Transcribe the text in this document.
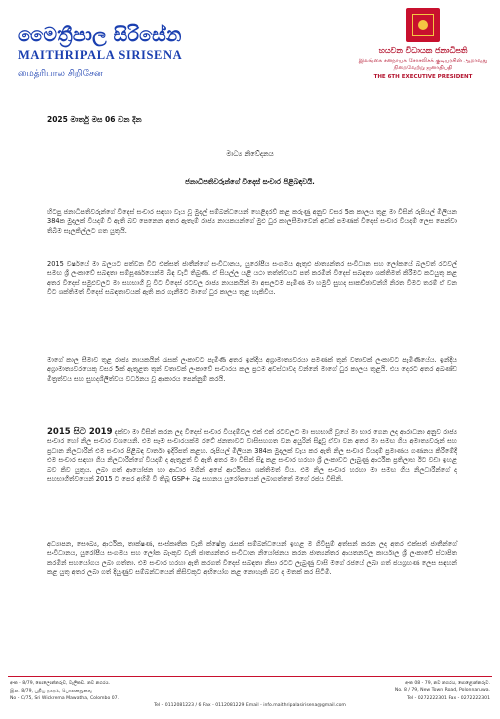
මෛත්‍රීපාල සිරිසේන
MAITHRIPALA SIRISENA
மைத்ரிபால சிறிசேன
හයවන විධායක ජනාධිපති
இலங்கை சனநாயக சோசலிசக் குடியரசின் ஆறாவது நிறைவேற்று ஜனாதிபதி
THE 6TH EXECUTIVE PRESIDENT
2025 මාර්තු මස 06 වන දින
මාධ්‍ය නිවේදනය
ජනාධිපතිවරුන්ගේ විදෙස් සංචාර පිළිබඳවයි.
හිටපු ජනාධිපතිවරුන්ගේ විදෙස් සංචාර සඳහා වැය වූ මුදල් සම්බන්ධයෙන් හෙළිදරව් කළ කරුණු අනුව වසර 5ක කාලය තුළ මා විසින් රුපියල් මිලියන 384ක මුදලක් වියදම් වී ඇති බව පෙනෙන අතර ඇතැම් රාජ්‍ය නායකයන්ගේ මුළු ධුර කාලසීමාවෙන් අඩක් පමණක් විදෙස් සංචාර වියදම් ලෙස පෙන්වා තිබීම සැලකිල්ලට ගත යුතුයි.
2015 වර්ෂයේ මා බලයට පත්වන විට එක්සත් ජාතීන්ගේ සංවිධානය, යුරෝපීය සංගමය ඇතුළු ජාත්‍යන්තර සංවිධාන සහ ලෝකයේ බලවත් රටවල් සමඟ ශ්‍රී ලංකාවේ සබඳතා සම්පූර්ණයෙන්ම බිඳ වැටී තිබුණි. ඒ සියල්ල යළි යථා තත්ත්වයට පත් කරමින් විදෙස් සබඳතා ශක්තිමත් කිරීමට කටයුතු කළ අතර විදෙස් සමුළුවලට මා සහභාගී වූ විට විදෙස් රටවල රාජ්‍ය නායකයින් මා අසලටම පැමිණ මා හමුවී සුහද සාකච්ඡාවන්හි නිරත වීමට තරම් ඒ වන විට ශක්තිමත් විදෙස් සබඳතාවයක් ඇති කර ගැනීමට මාගේ ධුර කාලය තුළ හැකිවිය.
මාගේ කාල සීමාව තුළ රාජ්‍ය නායකයින් රැසක් ලංකාවට පැමිණි අතර ඉන්දීය අග්‍රාමාත්‍යවරයා පමණක් තුන් වතාවක් ලංකාවට පැමිණියේය. ඉන්දීය අග්‍රාමාත්‍යවරයෙකු වසර 5ක් ඇතුළත තුන් වතාවක් ලංකාවේ සංචාරය කල ප්‍රථම අවස්ථාවද වන්නේ මාගේ ධුර කාලය තුළයි. එය දෙරට අතර අඛණ්ඩ මිත්‍රත්වය සහ සුහදශීලීත්වය වර්ධනය වූ ආකාරය පෙන්නුම් කරයි.
2015 සිට 2019 දක්වා මා විසින් කරන ලද විදෙස් සංචාර වියදම්වල එක් එක් රටවලට මා සහභාගී වූයේ මා භාර ගෙන ලද ආරාධනා අනුව රාජ්‍ය සංචාර හෝ නිල සංචාර වශයෙනි. එම සෑම සංචාරයක්ම රටේ ජනතාවට වාසිසහගත වන අයුරින් සිදුවූ ඒවා වන අතර මා සමඟ ගිය අමාත්‍යවරුන් සහ ප්‍රධාන නිලධාරීන් එම සංචාර පිළිබඳ වාර්තා ඉදිරිපත් කළහ. රුපියල් මිලියන 384ක මුදලක් වැය කර ඇති නිල සංචාර වියදම් ප්‍රමාණය ගණනය කිරීමේදී එම සංචාර සඳහා ගිය නිලධාරීන්ගේ වියදම් ද ඇතුළත් වී ඇති අතර මා විසින් සිදු කළ සංචාර හරහා ශ්‍රී ලංකාවට ලැබුණු ආර්ථික ප්‍රතිලාභ ඊට වඩා ඉහළ බව කිව යුතුය. ලබා ගත් ආයෝජන හා ආධාර මගින් අපේ ආර්ථිකය ශක්තිමත් විය. එම නිල සංචාර හරහා මා සමඟ ගිය නිලධාරීන්ගේ ද සහභාගීත්වයෙන් 2015 ට පෙර අහිමි වී තිබූ GSP+ බදු සහනය යුරෝපයෙන් ලබාගත්තේ මගේ රජය විසිනි.
අධ්‍යාපන, සෞඛ්‍ය, ආර්ථික, තාක්ෂණ, සංස්කෘතික වැනි ක්ෂේත්‍ර රැසක් සම්බන්ධයෙන් ඉහළ ම ගිවිසුම් අත්සන් කරන ලද අතර එක්සත් ජාතීන්ගේ සංවිධානය, යුරෝපීය සංගමය සහ ලෝක බැංකුව වැනි ජාත්‍යන්තර සංවිධාන නියෝජනය කරන ජාත්‍යන්තර ආයතනවල කාර්යාල ශ්‍රී ලංකාවේ ස්ථාපිත කරමින් සහයෝගය ලබා ගත්තා. එම සංචාර හරහා ඇති කරගත් විදෙස් සබඳතා නිසා රටට ලැබුණු වාසි මගේ රජයේ ලබා ගත් ජයග්‍රහණ ලෙස සඳහන් කළ යුතු අතර ලබා ගත් දියුණුව සම්බන්ධයෙන් කිසිවකුට අභියෝග කළ නොහැකි බව ද මතක් කර සිටිමි.
අංක - 8/79, පොලොන්නරුව, වැලිකඩ. නව නගරය.	අංක 08 - 79, නව නගරය, පොළොන්නරුව.
இல. 8/79, புதிய நகரம், பொலனறுவை	No. 8 / 79, New Town Road, Polonnaruwa.
No - C/75, Sri Wickrema Mawatha, Colombo 07.	Tel - 0272222301 Fax - 0272222301
Tel - 0112081223 / 6 Fax - 0112081229 Email - info.maithripalasirisena@gmail.com
